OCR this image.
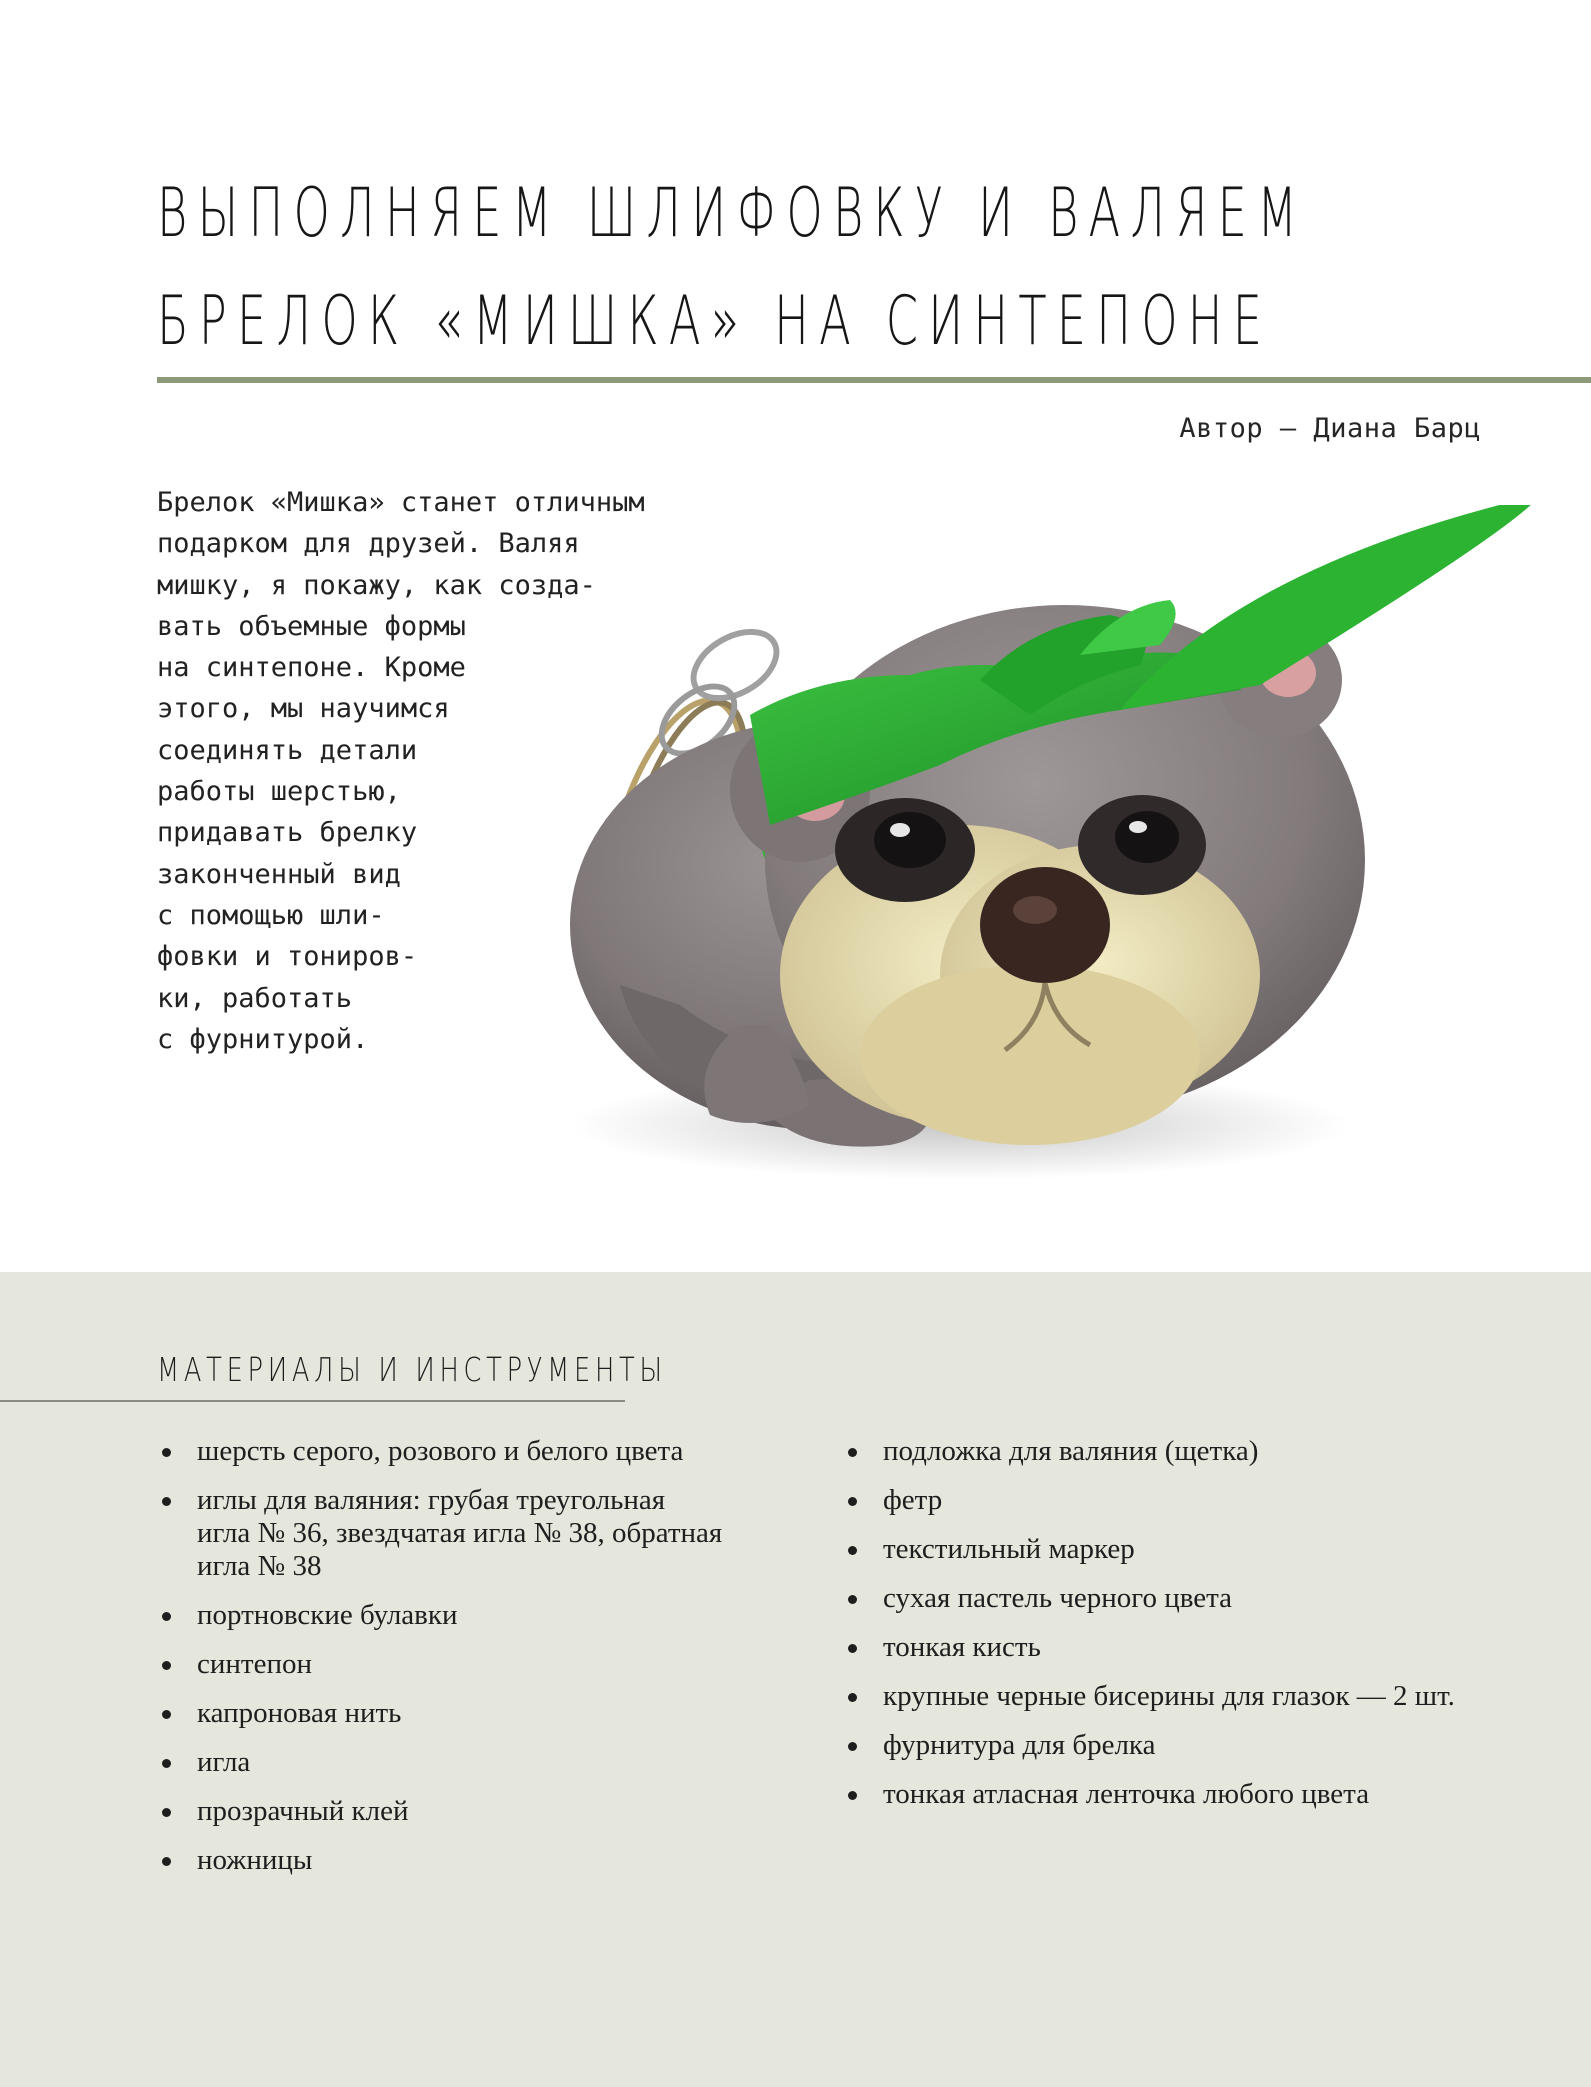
ВЫПОЛНЯЕМ ШЛИФОВКУ И ВАЛЯЕМ
БРЕЛОК «МИШКА» НА СИНТЕПОНЕ
Автор — Диана Барц
Брелок «Мишка» станет отличным
подарком для друзей. Валяя
мишку, я покажу, как созда-
вать объемные формы
на синтепоне. Кроме
этого, мы научимся
соединять детали
работы шерстью,
придавать брелку
законченный вид
с помощью шли-
фовки и тониров-
ки, работать
с фурнитурой.
МАТЕРИАЛЫ И ИНСТРУМЕНТЫ
шерсть серого, розового и белого цвета
иглы для валяния: грубая треугольная
игла № 36, звездчатая игла № 38, обратная
игла № 38
портновские булавки
синтепон
капроновая нить
игла
прозрачный клей
ножницы
подложка для валяния (щетка)
фетр
текстильный маркер
сухая пастель черного цвета
тонкая кисть
крупные черные бисерины для глазок — 2 шт.
фурнитура для брелка
тонкая атласная ленточка любого цвета
